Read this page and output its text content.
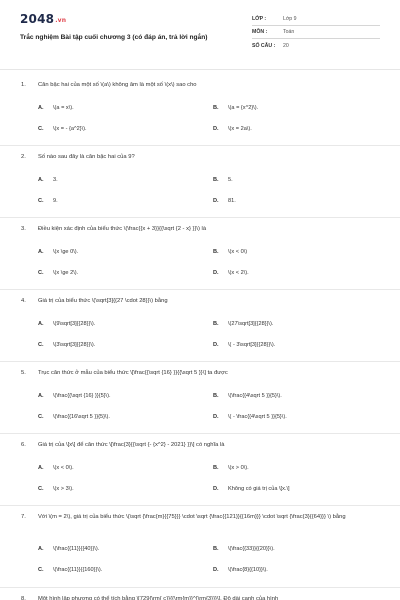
2048.vn
Trắc nghiệm Bài tập cuối chương 3 (có đáp án, trả lời ngắn)
LỚP :	Lớp 9
MÔN :	Toán
SỐ CÂU :	20
1.	Căn bậc hai của một số \(a\) không âm là một số \(x\) sao cho
A.	\(a = x\).	B.	\(a = {x^2}\).
C.	\(x = - {a^2}\).	D.	\(x = 2a\).
2.	Số nào sau đây là căn bậc hai của 9?
A.	3.	B.	5.
C.	9.	D.	81.
3.	Điều kiện xác định của biểu thức \(\frac{{x + 3}}{{\sqrt {2 - x} }}\) là
A.	\(x \ge 0\).	B.	\(x < 0\)
C.	\(x \ge 2\).	D.	\(x < 2\).
4.	Giá trị của biểu thức \(\sqrt[3]{{27 \cdot 28}}\) bằng
A.	\(9\sqrt[3]{{28}}\).	B.	\(27\sqrt[3]{{28}}\).
C.	\(3\sqrt[3]{{28}}\).	D.	\( - 3\sqrt[3]{{28}}\).
5.	Trục căn thức ở mẫu của biểu thức \[\frac{{\sqrt {16} }}{{\sqrt 5 }}\] ta được
A.	\(\frac{{\sqrt {16} }}{5}\).	B.	\(\frac{{4\sqrt 5 }}{5}\).
C.	\(\frac{{16\sqrt 5 }}{5}\).	D.	\( - \frac{{4\sqrt 5 }}{5}\).
6.	Giá trị của \[x\] để căn thức \[\frac{3}{{\sqrt {- {x^2} - 2021} }}\] có nghĩa là
A.	\(x < 0\).	B.	\(x > 0\).
C.	\(x > 3\).	D.	Không có giá trị của \[x.\]
7.	Với \(m = 2\), giá trị của biểu thức \(\sqrt {\frac{m}{{75}}} \cdot \sqrt {\frac{{121}}{{16m}}} \cdot \sqrt {\frac{3}{{64}}} \) bằng
A.	\(\frac{{11}}{{40}}\).	B.	\(\frac{{33}}{{20}}\).
C.	\(\frac{{11}}{{160}}\).	D.	\(\frac{8}{{10}}\).
8.	Một hình lập phương có thể tích bằng \[729{\rm{ c}}{{\rm{m}}^{\rm{3}}}\]. Độ dài cạnh của hình
